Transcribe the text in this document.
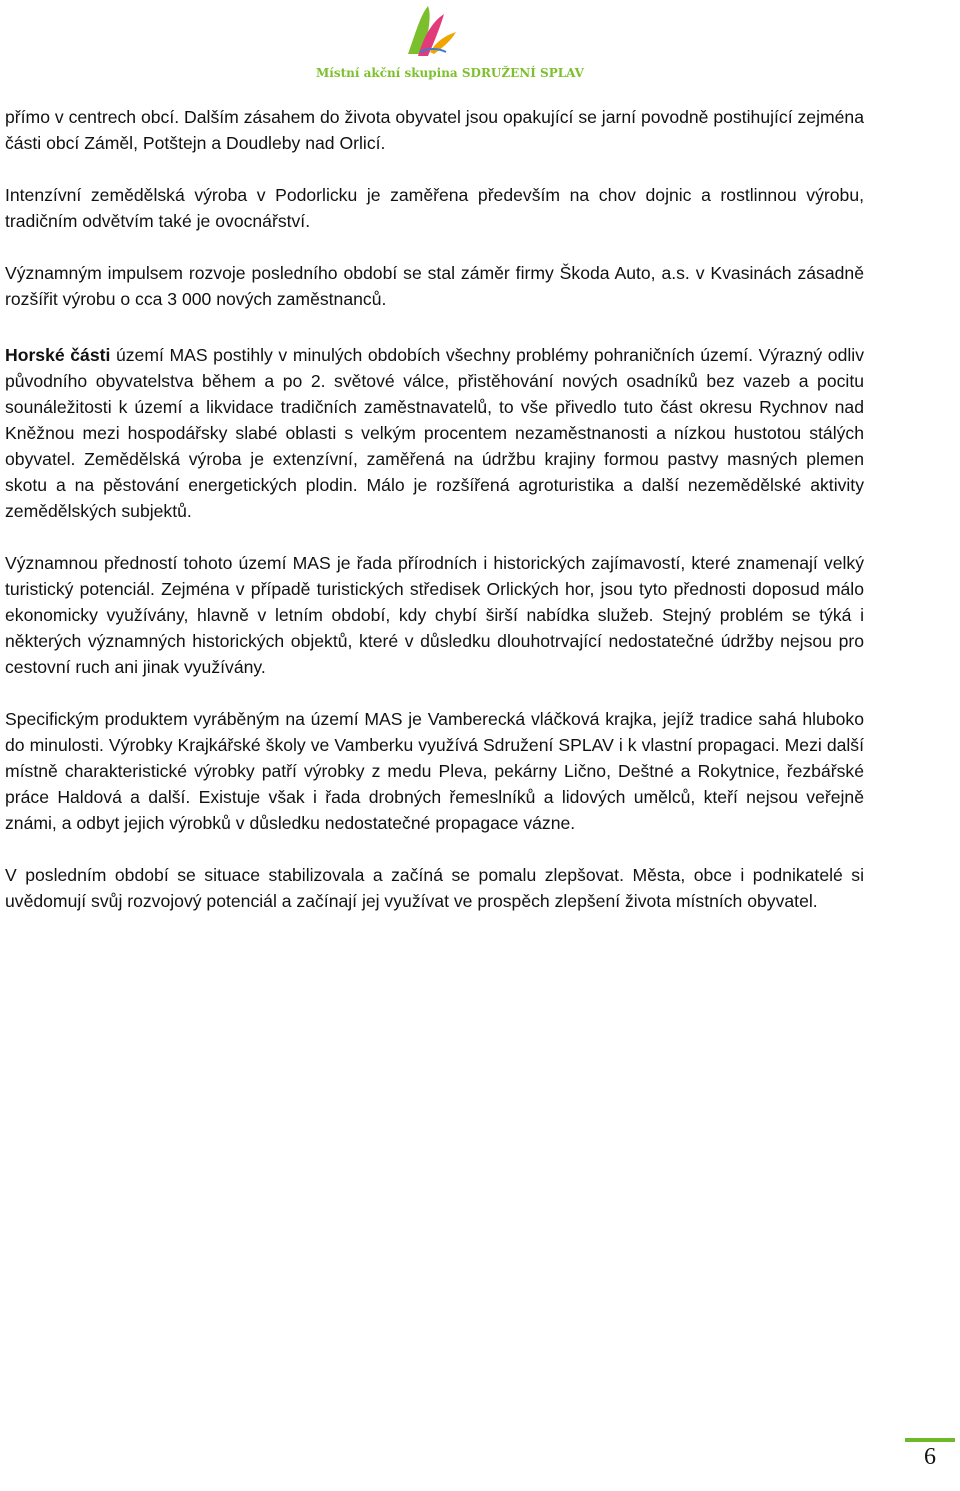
Místní akční skupina SDRUŽENÍ SPLAV

přímo v centrech obcí. Dalším zásahem do života obyvatel jsou opakující se jarní povodně postihující zejména části obcí Záměl, Potštejn a Doudleby nad Orlicí.

Intenzívní zemědělská výroba v Podorlicku je zaměřena především na chov dojnic a rostlinnou výrobu, tradičním odvětvím také je ovocnářství.

Významným impulsem rozvoje posledního období se stal záměr firmy Škoda Auto, a.s. v Kvasinách zásadně rozšířit výrobu o cca 3 000 nových zaměstnanců.

Horské části území MAS postihly v minulých obdobích všechny problémy pohraničních území. Výrazný odliv původního obyvatelstva během a po 2. světové válce, přistěhování nových osadníků bez vazeb a pocitu sounáležitosti k území a likvidace tradičních zaměstnavatelů, to vše přivedlo tuto část okresu Rychnov nad Kněžnou mezi hospodářsky slabé oblasti s velkým procentem nezaměstnanosti a nízkou hustotou stálých obyvatel. Zemědělská výroba je extenzívní, zaměřená na údržbu krajiny formou pastvy masných plemen skotu a na pěstování energetických plodin. Málo je rozšířená agroturistika a další nezemědělské aktivity zemědělských subjektů.

Významnou předností tohoto území MAS je řada přírodních i historických zajímavostí, které znamenají velký turistický potenciál. Zejména v případě turistických středisek Orlických hor, jsou tyto přednosti doposud málo ekonomicky využívány, hlavně v letním období, kdy chybí širší nabídka služeb. Stejný problém se týká i některých významných historických objektů, které v důsledku dlouhotrvající nedostatečné údržby nejsou pro cestovní ruch ani jinak využívány.

Specifickým produktem vyráběným na území MAS je Vamberecká vláčková krajka, jejíž tradice sahá hluboko do minulosti. Výrobky Krajkářské školy ve Vamberku využívá Sdružení SPLAV i k vlastní propagaci. Mezi další místně charakteristické výrobky patří výrobky z medu Pleva, pekárny Lično, Deštné a Rokytnice, řezbářské práce Haldová a další. Existuje však i řada drobných řemeslníků a lidových umělců, kteří nejsou veřejně známi, a odbyt jejich výrobků v důsledku nedostatečné propagace vázne.

V posledním období se situace stabilizovala a začíná se pomalu zlepšovat. Města, obce i podnikatelé si uvědomují svůj rozvojový potenciál a začínají jej využívat ve prospěch zlepšení života místních obyvatel.

6
